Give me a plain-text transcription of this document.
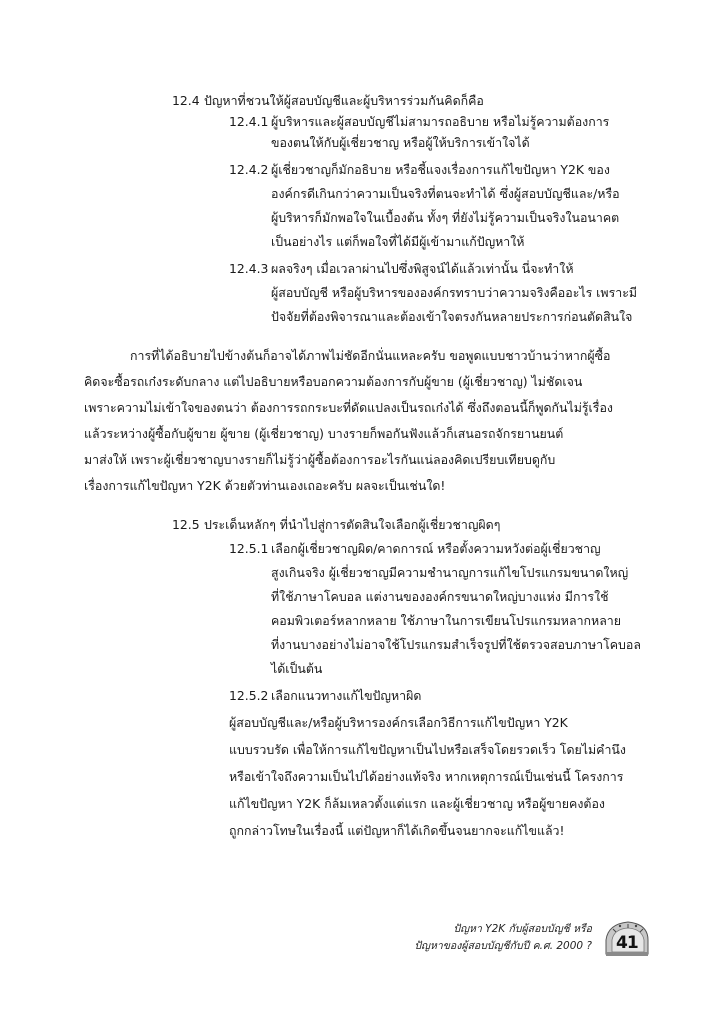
12.4 ปัญหาที่ชวนให้ผู้สอบบัญชีและผู้บริหารร่วมกันคิดก็คือ
12.4.1 ผู้บริหารและผู้สอบบัญชีไม่สามารถอธิบาย หรือไม่รู้ความต้องการ
ของตนให้กับผู้เชี่ยวชาญ หรือผู้ให้บริการเข้าใจได้
12.4.2 ผู้เชี่ยวชาญก็มักอธิบาย หรือชี้แจงเรื่องการแก้ไขปัญหา Y2K ของ
องค์กรดีเกินกว่าความเป็นจริงที่ตนจะทำได้ ซึ่งผู้สอบบัญชีและ/หรือ
ผู้บริหารก็มักพอใจในเบื้องต้น ทั้งๆ ที่ยังไม่รู้ความเป็นจริงในอนาคต
เป็นอย่างไร แต่ก็พอใจที่ได้มีผู้เข้ามาแก้ปัญหาให้
12.4.3 ผลจริงๆ เมื่อเวลาผ่านไปซึ่งพิสูจน์ได้แล้วเท่านั้น นี่จะทำให้
ผู้สอบบัญชี หรือผู้บริหารขององค์กรทราบว่าความจริงคืออะไร เพราะมี
ปัจจัยที่ต้องพิจารณาและต้องเข้าใจตรงกันหลายประการก่อนตัดสินใจ
การที่ได้อธิบายไปข้างต้นก็อาจได้ภาพไม่ชัดอีกนั่นแหละครับ ขอพูดแบบชาวบ้านว่าหากผู้ซื้อ
คิดจะซื้อรถเก๋งระดับกลาง แต่ไปอธิบายหรือบอกความต้องการกับผู้ขาย (ผู้เชี่ยวชาญ) ไม่ชัดเจน
เพราะความไม่เข้าใจของตนว่า ต้องการรถกระบะที่ดัดแปลงเป็นรถเก๋งได้ ซึ่งถึงตอนนี้ก็พูดกันไม่รู้เรื่อง
แล้วระหว่างผู้ซื้อกับผู้ขาย ผู้ขาย (ผู้เชี่ยวชาญ) บางรายก็พอกันฟังแล้วก็เสนอรถจักรยานยนต์
มาส่งให้ เพราะผู้เชี่ยวชาญบางรายก็ไม่รู้ว่าผู้ซื้อต้องการอะไรกันแน่ลองคิดเปรียบเทียบดูกับ
เรื่องการแก้ไขปัญหา Y2K ด้วยตัวท่านเองเถอะครับ ผลจะเป็นเช่นใด!
12.5 ประเด็นหลักๆ ที่นำไปสู่การตัดสินใจเลือกผู้เชี่ยวชาญผิดๆ
12.5.1 เลือกผู้เชี่ยวชาญผิด/คาดการณ์ หรือตั้งความหวังต่อผู้เชี่ยวชาญ
สูงเกินจริง ผู้เชี่ยวชาญมีความชำนาญการแก้ไขโปรแกรมขนาดใหญ่
ที่ใช้ภาษาโคบอล แต่งานขององค์กรขนาดใหญ่บางแห่ง มีการใช้
คอมพิวเตอร์หลากหลาย ใช้ภาษาในการเขียนโปรแกรมหลากหลาย
ที่งานบางอย่างไม่อาจใช้โปรแกรมสำเร็จรูปที่ใช้ตรวจสอบภาษาโคบอล
ได้เป็นต้น
12.5.2 เลือกแนวทางแก้ไขปัญหาผิด
ผู้สอบบัญชีและ/หรือผู้บริหารองค์กรเลือกวิธีการแก้ไขปัญหา Y2K
แบบรวบรัด เพื่อให้การแก้ไขปัญหาเป็นไปหรือเสร็จโดยรวดเร็ว โดยไม่คำนึง
หรือเข้าใจถึงความเป็นไปได้อย่างแท้จริง หากเหตุการณ์เป็นเช่นนี้ โครงการ
แก้ไขปัญหา Y2K ก็ล้มเหลวตั้งแต่แรก และผู้เชี่ยวชาญ หรือผู้ขายคงต้อง
ถูกกล่าวโทษในเรื่องนี้ แต่ปัญหาก็ได้เกิดขึ้นจนยากจะแก้ไขแล้ว!
ปัญหา Y2K กับผู้สอบบัญชี หรือ
ปัญหาของผู้สอบบัญชีกับปี ค.ศ. 2000 ? 41
